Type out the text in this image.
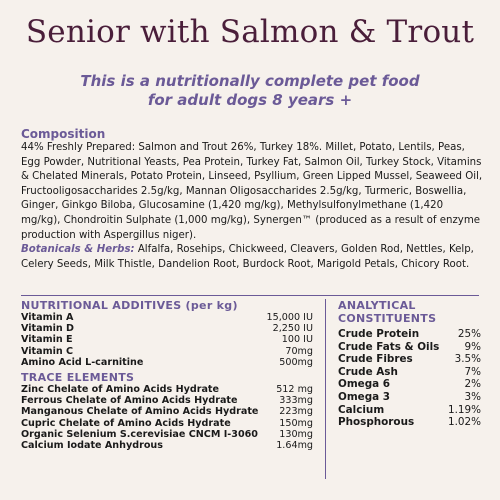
Senior with Salmon & Trout
This is a nutritionally complete pet food
for adult dogs 8 years +
Composition

44% Freshly Prepared: Salmon and Trout 26%, Turkey 18%. Millet, Potato, Lentils, Peas, Egg Powder, Nutritional Yeasts, Pea Protein, Turkey Fat, Salmon Oil, Turkey Stock, Vitamins & Chelated Minerals, Potato Protein, Linseed, Psyllium, Green Lipped Mussel, Seaweed Oil, Fructooligosaccharides 2.5g/kg, Mannan Oligosaccharides 2.5g/kg, Turmeric, Boswellia, Ginger, Ginkgo Biloba, Glucosamine (1,420 mg/kg), Methylsulfonylmethane (1,420 mg/kg), Chondroitin Sulphate (1,000 mg/kg), Synergen™ (produced as a result of enzyme production with Aspergillus niger).

Botanicals & Herbs: Alfalfa, Rosehips, Chickweed, Cleavers, Golden Rod, Nettles, Kelp, Celery Seeds, Milk Thistle, Dandelion Root, Burdock Root, Marigold Petals, Chicory Root.

NUTRITIONAL ADDITIVES (per kg)
Vitamin A	15,000 IU
Vitamin D	2,250 IU
Vitamin E	100 IU
Vitamin C	70mg
Amino Acid L-carnitine	500mg
TRACE ELEMENTS
Zinc Chelate of Amino Acids Hydrate	512 mg
Ferrous Chelate of Amino Acids Hydrate	333mg
Manganous Chelate of Amino Acids Hydrate 223mg
Cupric Chelate of Amino Acids Hydrate	150mg
Organic Selenium S.cerevisiae CNCM I-3060 130mg
Calcium Iodate Anhydrous	1.64mg
ANALYTICAL
CONSTITUENTS
Crude Protein	25%
Crude Fats & Oils 9%
Crude Fibres	3.5%
Crude Ash	7%
Omega 6	2%
Omega 3	3%
Calcium	1.19%
Phosphorous	1.02%
